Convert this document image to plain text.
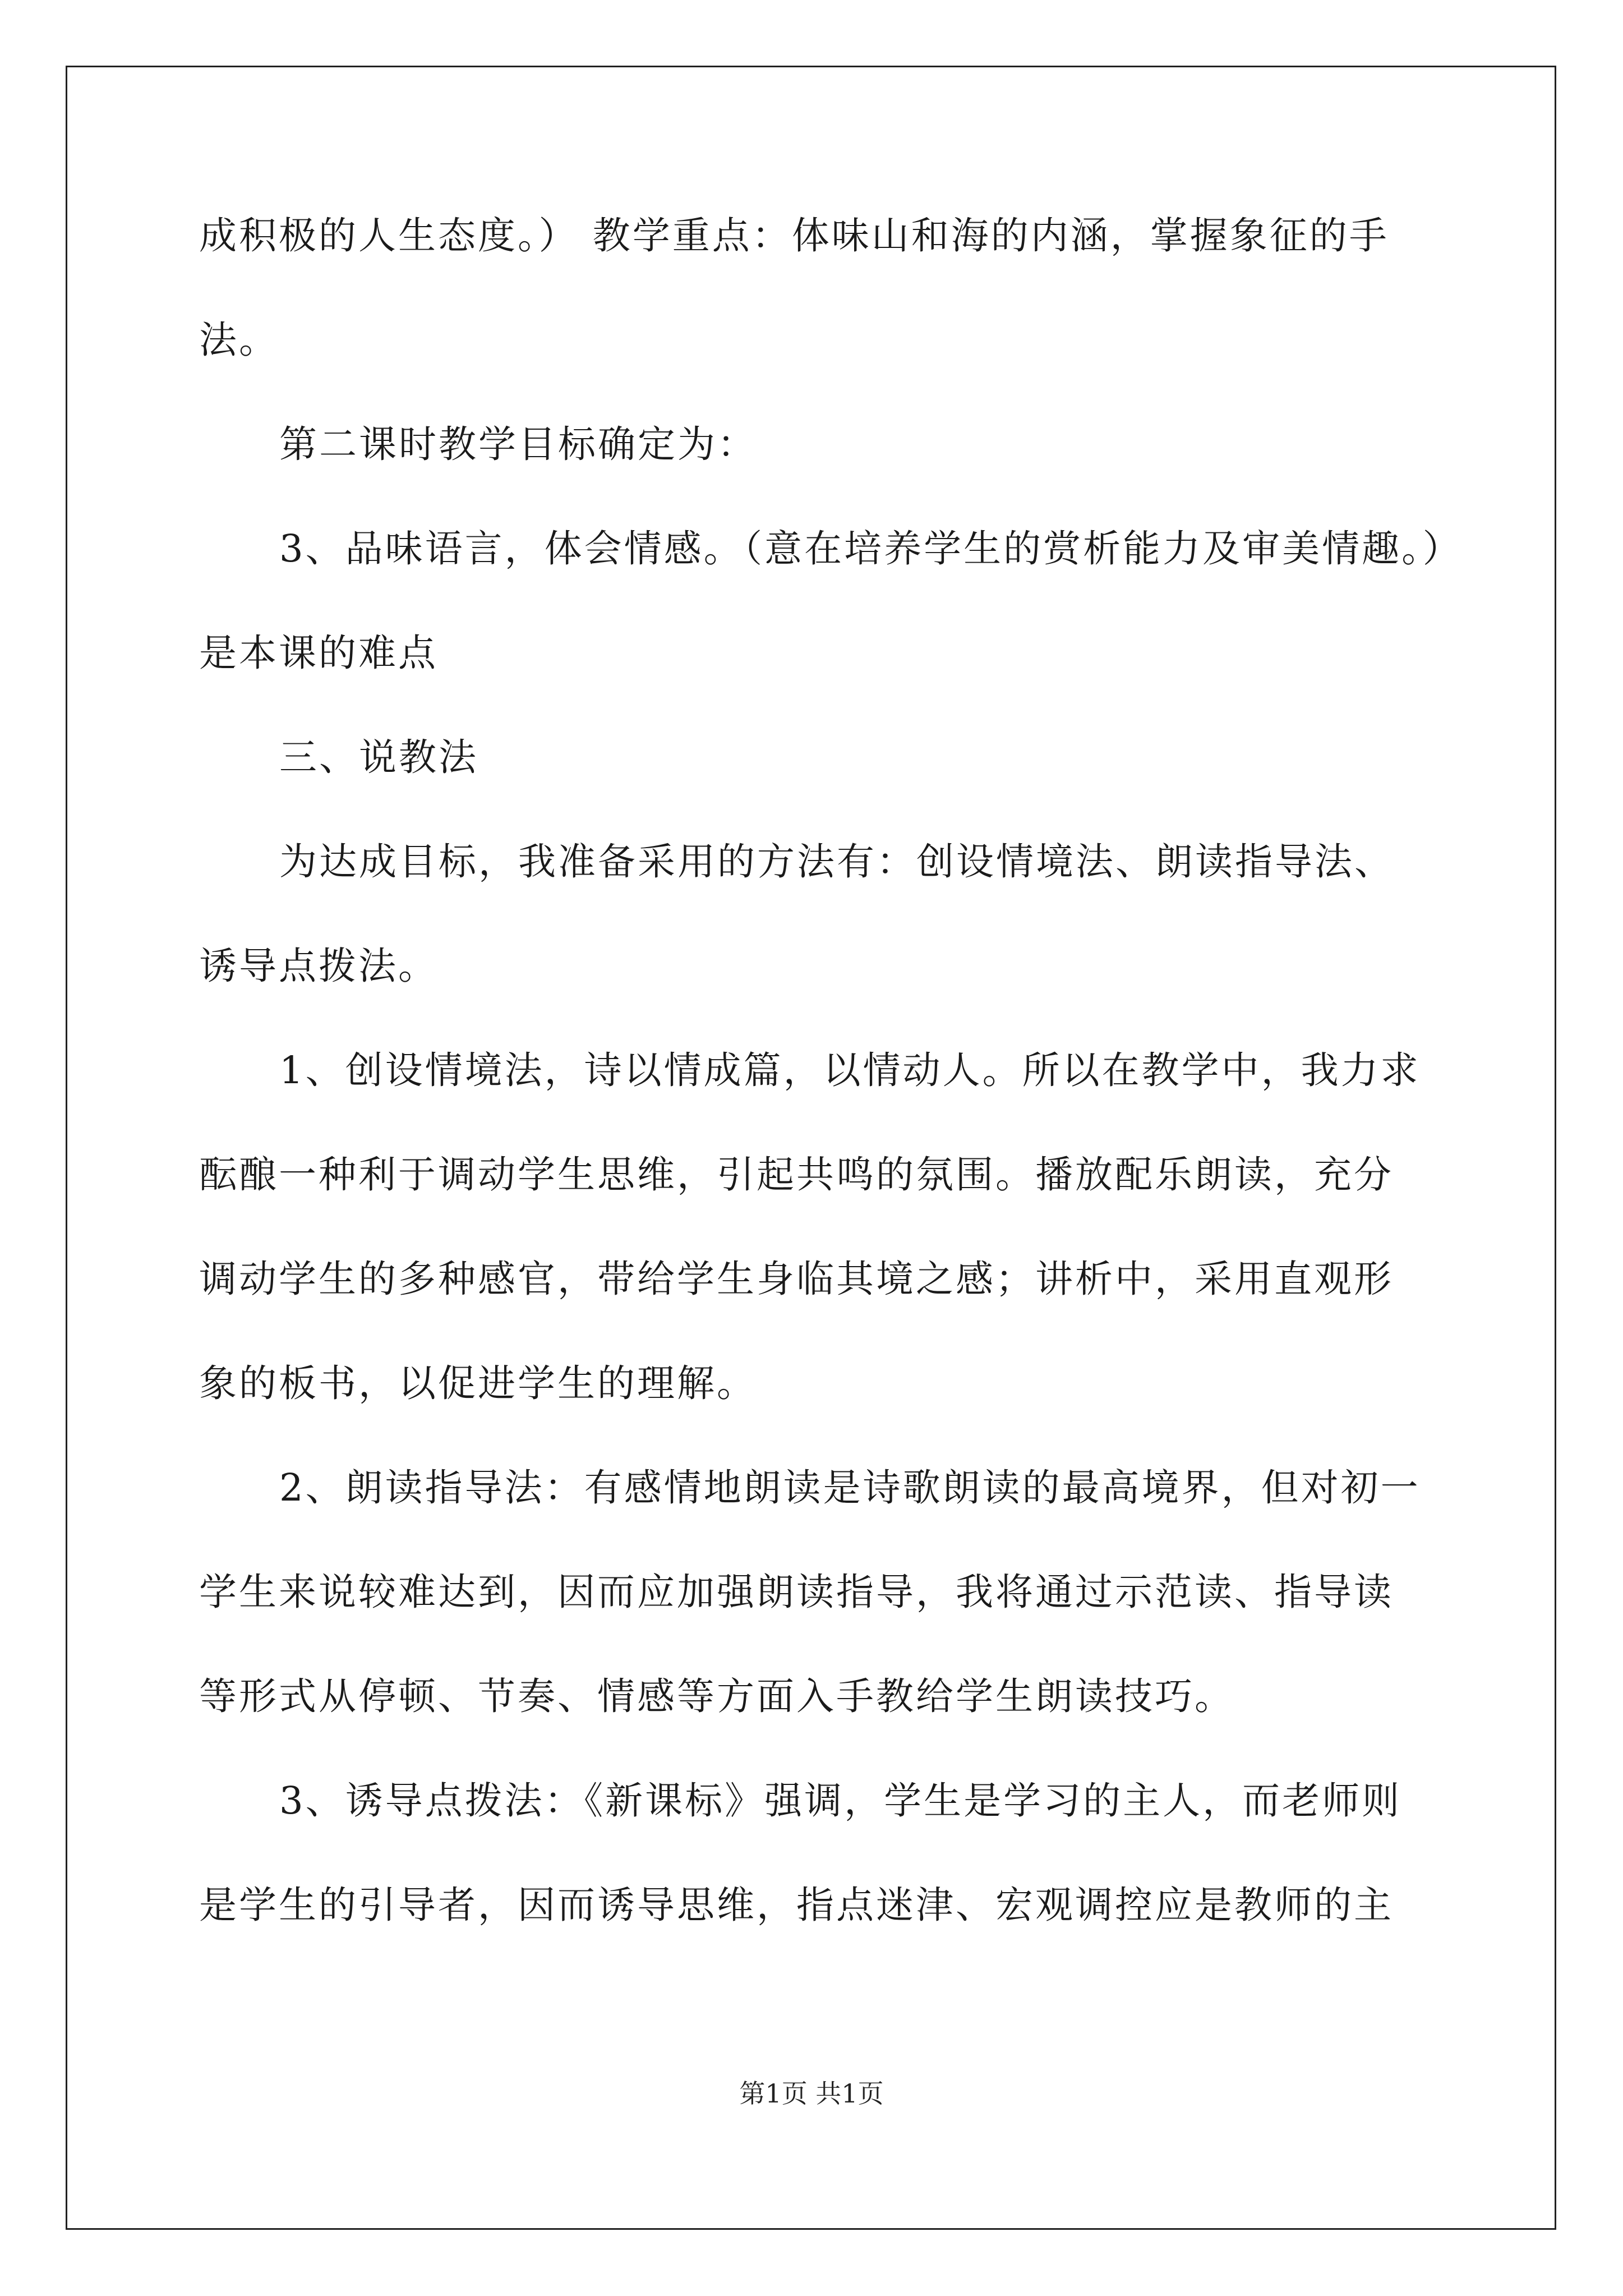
成积极的人生态度。） 教学重点：体味山和海的内涵，掌握象征的手
法。
第二课时教学目标确定为：
3、品味语言，体会情感。（意在培养学生的赏析能力及审美情趣。）
是本课的难点
三、说教法
为达成目标，我准备采用的方法有：创设情境法、朗读指导法、
诱导点拨法。
1、创设情境法，诗以情成篇，以情动人。所以在教学中，我力求
酝酿一种利于调动学生思维，引起共鸣的氛围。播放配乐朗读，充分
调动学生的多种感官，带给学生身临其境之感；讲析中，采用直观形
象的板书，以促进学生的理解。
2、朗读指导法：有感情地朗读是诗歌朗读的最高境界，但对初一
学生来说较难达到，因而应加强朗读指导，我将通过示范读、指导读
等形式从停顿、节奏、情感等方面入手教给学生朗读技巧。
3、诱导点拨法：《新课标》强调，学生是学习的主人，而老师则
是学生的引导者，因而诱导思维，指点迷津、宏观调控应是教师的主
第1页 共1页
